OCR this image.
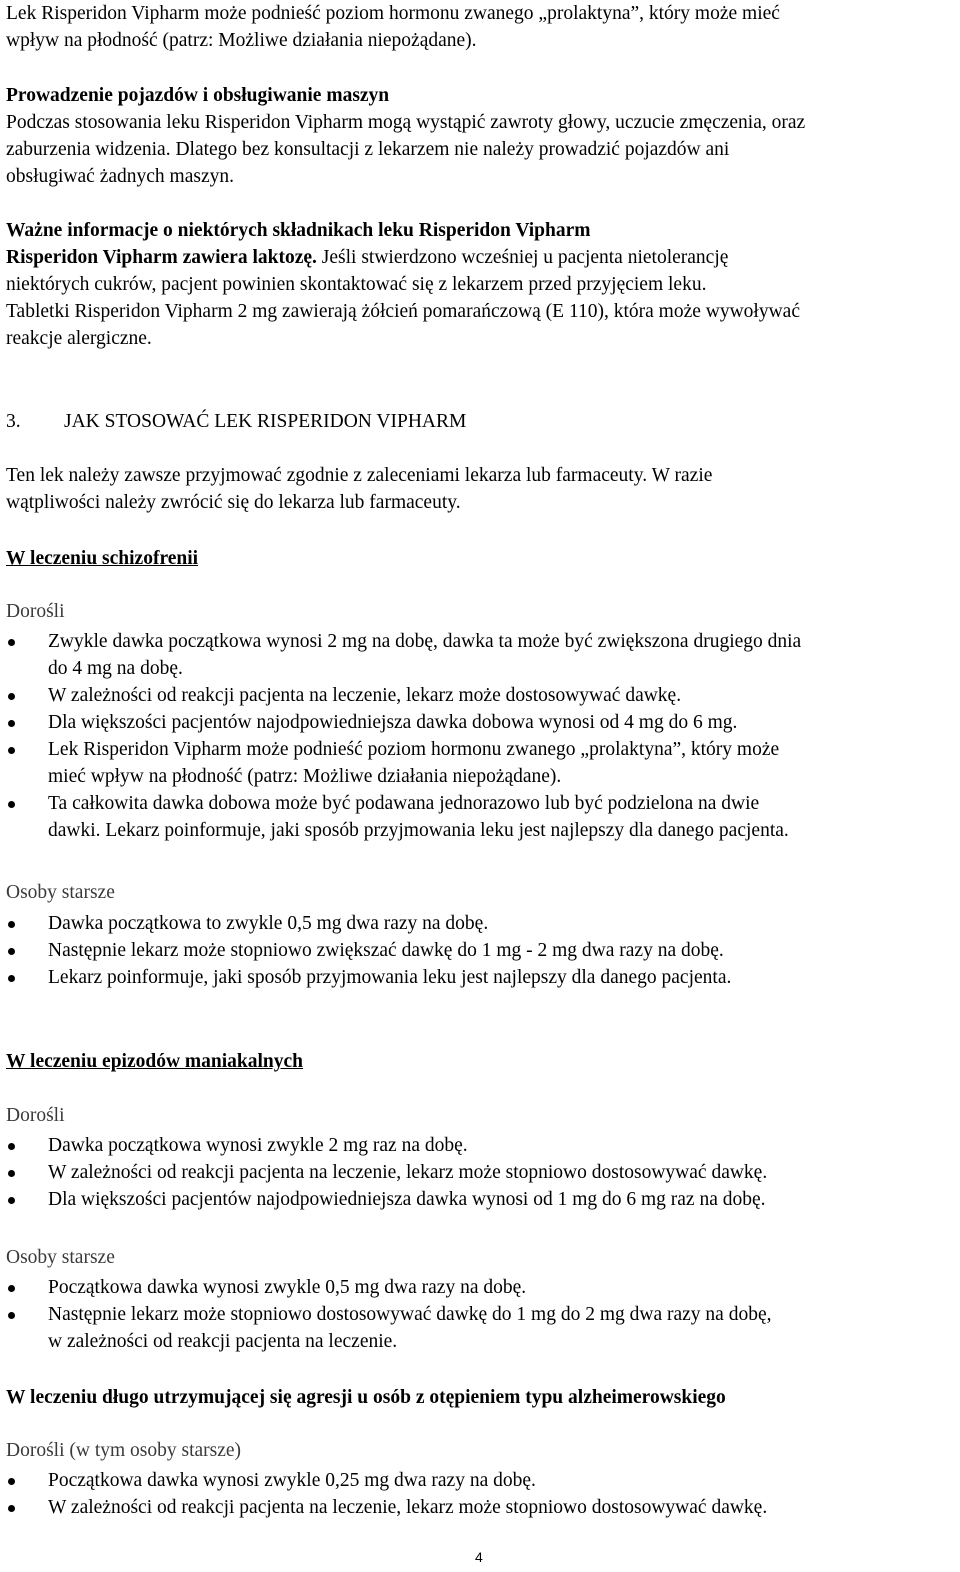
Lek Risperidon Vipharm może podnieść poziom hormonu zwanego „prolaktyna”, który może mieć
wpływ na płodność (patrz: Możliwe działania niepożądane).
Prowadzenie pojazdów i obsługiwanie maszyn
Podczas stosowania leku Risperidon Vipharm mogą wystąpić zawroty głowy, uczucie zmęczenia, oraz
zaburzenia widzenia. Dlatego bez konsultacji z lekarzem nie należy prowadzić pojazdów ani
obsługiwać żadnych maszyn.
Ważne informacje o niektórych składnikach leku Risperidon Vipharm
Risperidon Vipharm zawiera laktozę. Jeśli stwierdzono wcześniej u pacjenta nietolerancję
niektórych cukrów, pacjent powinien skontaktować się z lekarzem przed przyjęciem leku.
Tabletki Risperidon Vipharm 2 mg zawierają żółcień pomarańczową (E 110), która może wywoływać
reakcje alergiczne.
3. JAK STOSOWAĆ LEK RISPERIDON VIPHARM
Ten lek należy zawsze przyjmować zgodnie z zaleceniami lekarza lub farmaceuty. W razie
wątpliwości należy zwrócić się do lekarza lub farmaceuty.
W leczeniu schizofrenii
Dorośli
Zwykle dawka początkowa wynosi 2 mg na dobę, dawka ta może być zwiększona drugiego dnia
do 4 mg na dobę.
W zależności od reakcji pacjenta na leczenie, lekarz może dostosowywać dawkę.
Dla większości pacjentów najodpowiedniejsza dawka dobowa wynosi od 4 mg do 6 mg.
Lek Risperidon Vipharm może podnieść poziom hormonu zwanego „prolaktyna”, który może
mieć wpływ na płodność (patrz: Możliwe działania niepożądane).
Ta całkowita dawka dobowa może być podawana jednorazowo lub być podzielona na dwie
dawki. Lekarz poinformuje, jaki sposób przyjmowania leku jest najlepszy dla danego pacjenta.
Osoby starsze
Dawka początkowa to zwykle 0,5 mg dwa razy na dobę.
Następnie lekarz może stopniowo zwiększać dawkę do 1 mg - 2 mg dwa razy na dobę.
Lekarz poinformuje, jaki sposób przyjmowania leku jest najlepszy dla danego pacjenta.
W leczeniu epizodów maniakalnych
Dorośli
Dawka początkowa wynosi zwykle 2 mg raz na dobę.
W zależności od reakcji pacjenta na leczenie, lekarz może stopniowo dostosowywać dawkę.
Dla większości pacjentów najodpowiedniejsza dawka wynosi od 1 mg do 6 mg raz na dobę.
Osoby starsze
Początkowa dawka wynosi zwykle 0,5 mg dwa razy na dobę.
Następnie lekarz może stopniowo dostosowywać dawkę do 1 mg do 2 mg dwa razy na dobę,
w zależności od reakcji pacjenta na leczenie.
W leczeniu długo utrzymującej się agresji u osób z otępieniem typu alzheimerowskiego
Dorośli (w tym osoby starsze)
Początkowa dawka wynosi zwykle 0,25 mg dwa razy na dobę.
W zależności od reakcji pacjenta na leczenie, lekarz może stopniowo dostosowywać dawkę.
4
